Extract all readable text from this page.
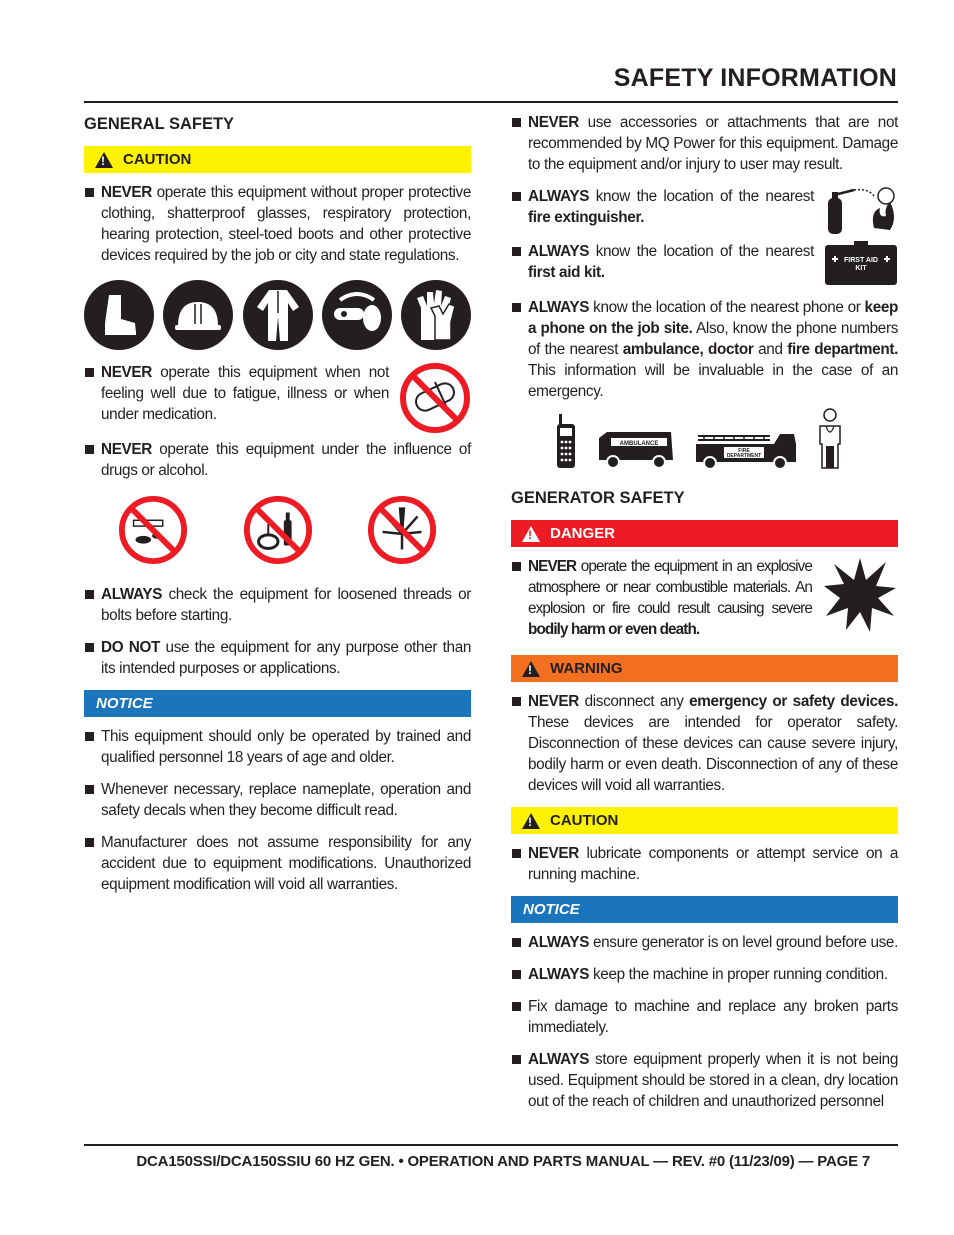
SAFETY INFORMATION
GENERAL SAFETY
!
CAUTION
NEVER operate this equipment without proper protective clothing, shatterproof glasses, respiratory protection, hearing protection, steel-toed boots and other protective devices required by the job or city and state regulations.
NEVER operate this equipment when not feeling well due to fatigue, illness or when under medication.
NEVER operate this equipment under the influence of drugs or alcohol.
ALWAYS check the equipment for loosened threads or bolts before starting.
DO NOT use the equipment for any purpose other than its intended purposes or applications.
NOTICE
This equipment should only be operated by trained and qualified personnel 18 years of age and older.
Whenever necessary, replace nameplate, operation and safety decals when they become difficult read.
Manufacturer does not assume responsibility for any accident due to equipment modifications. Unauthorized equipment modification will void all warranties.
NEVER use accessories or attachments that are not recommended by MQ Power for this equipment. Damage to the equipment and/or injury to user may result.
ALWAYS know the location of the nearest fire extinguisher.
ALWAYS know the location of the nearest first aid kit.
FIRST AID
KIT
ALWAYS know the location of the nearest phone or keep a phone on the job site. Also, know the phone numbers of the nearest ambulance, doctor and fire department. This information will be invaluable in the case of an emergency.
AMBULANCE
FIRE
DEPARTMENT
GENERATOR SAFETY
!
DANGER
NEVER operate the equipment in an explosive atmosphere or near combustible materials. An explosion or fire could result causing severe bodily harm or even death.
!
WARNING
NEVER disconnect any emergency or safety devices. These devices are intended for operator safety. Disconnection of these devices can cause severe injury, bodily harm or even death. Disconnection of any of these devices will void all warranties.
!
CAUTION
NEVER lubricate components or attempt service on a running machine.
NOTICE
ALWAYS ensure generator is on level ground before use.
ALWAYS keep the machine in proper running condition.
Fix damage to machine and replace any broken parts immediately.
ALWAYS store equipment properly when it is not being used. Equipment should be stored in a clean, dry location out of the reach of children and unauthorized personnel
DCA150SSI/DCA150SSIU 60 HZ GEN. • OPERATION AND PARTS MANUAL — REV. #0 (11/23/09) — PAGE 7
